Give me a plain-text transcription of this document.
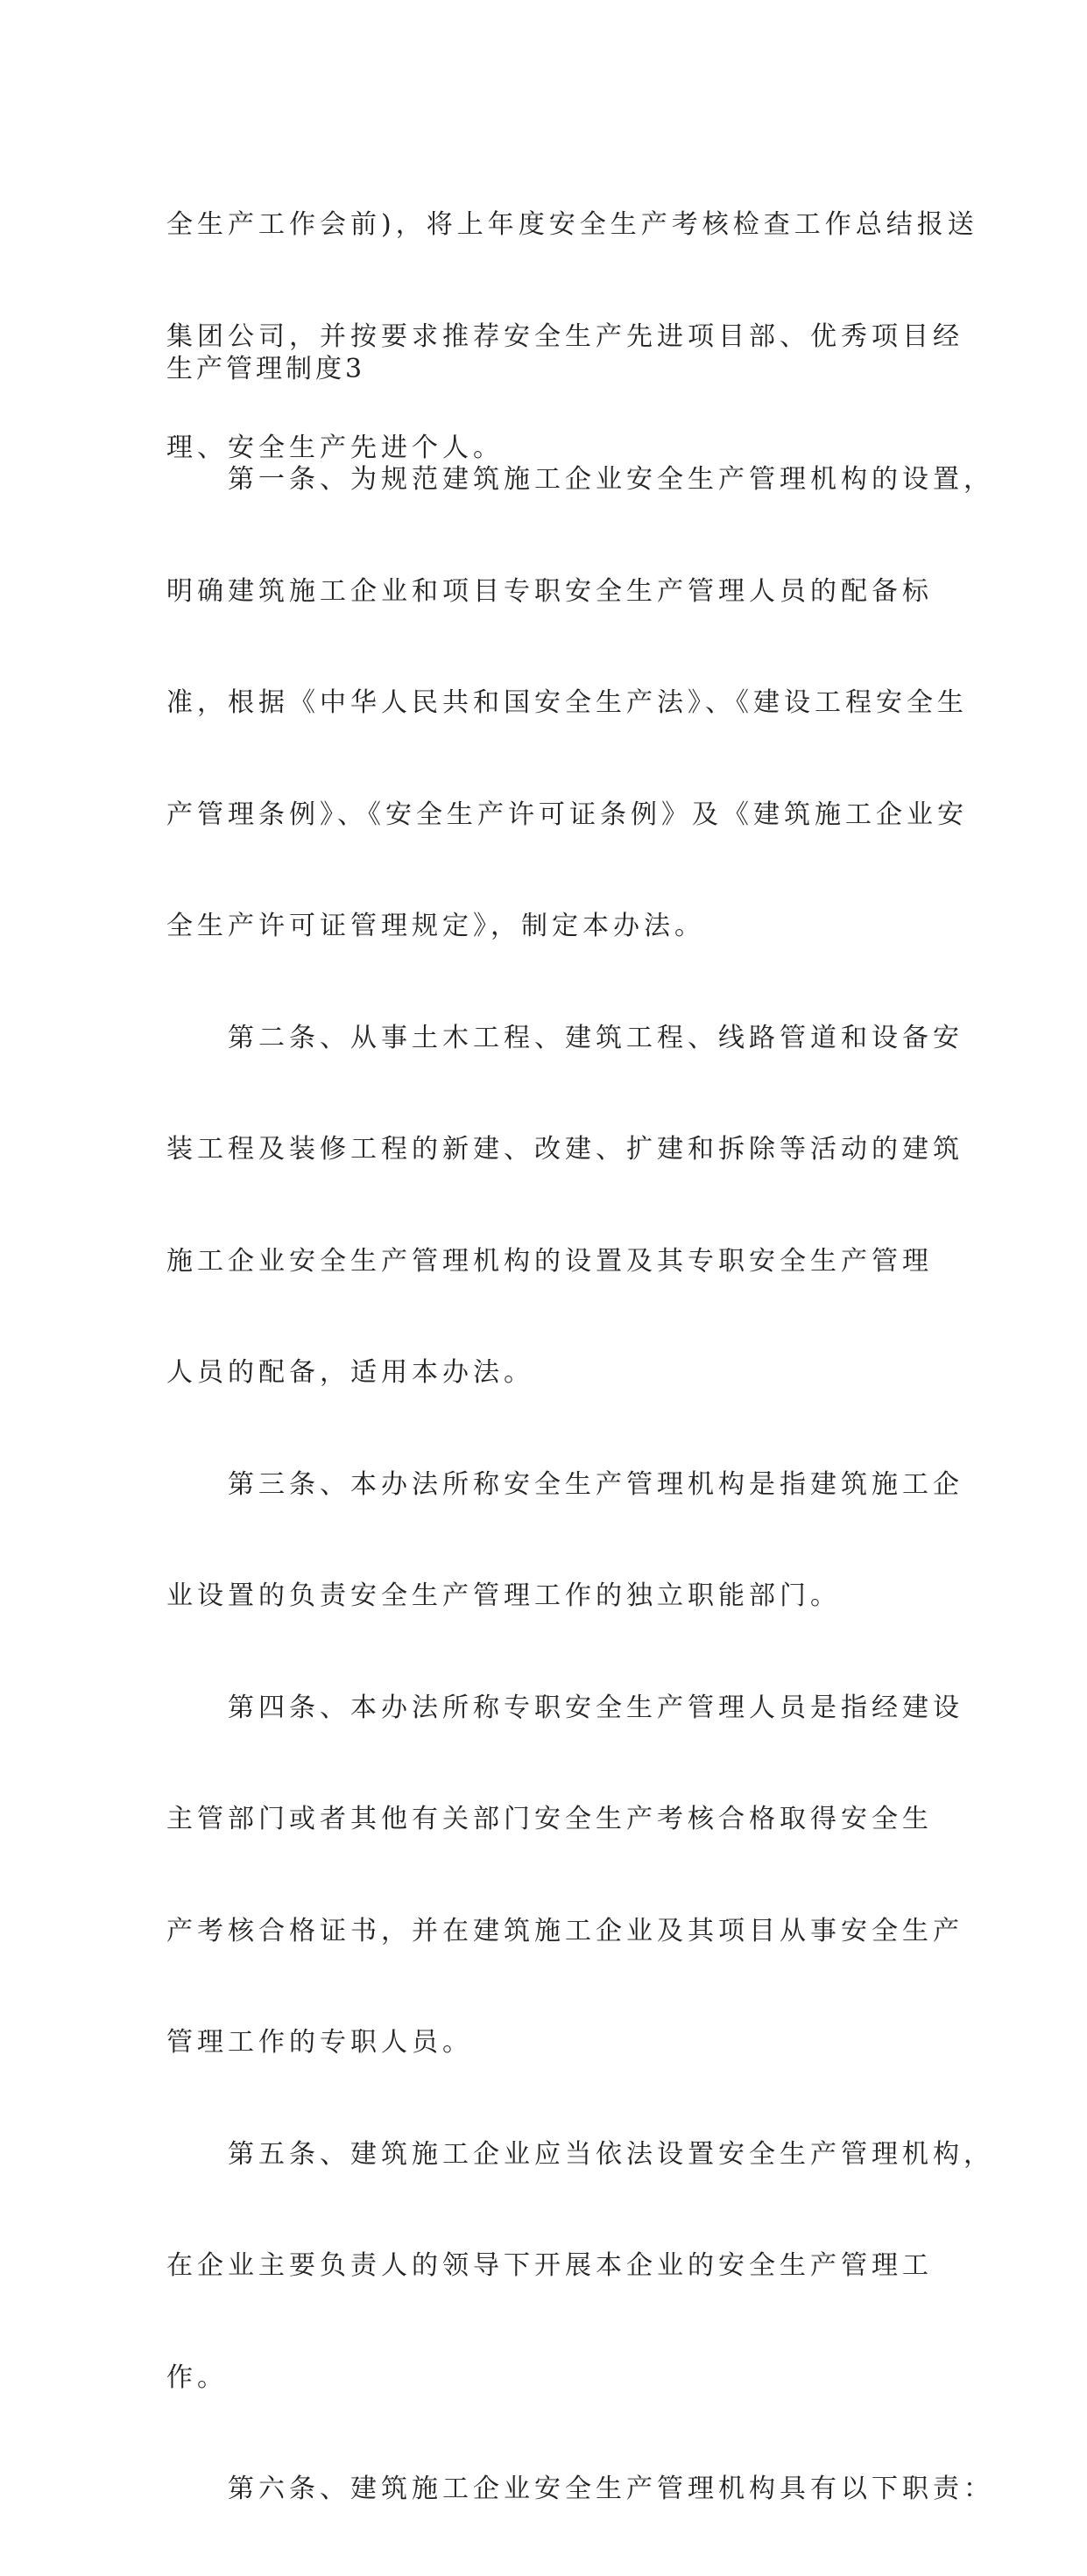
全生产工作会前)，将上年度安全生产考核检查工作总结报送

集团公司，并按要求推荐安全生产先进项目部、优秀项目经

理、安全生产先进个人。

生产管理制度3

　　第一条、为规范建筑施工企业安全生产管理机构的设置，

明确建筑施工企业和项目专职安全生产管理人员的配备标

准，根据《中华人民共和国安全生产法》、《建设工程安全生

产管理条例》、《安全生产许可证条例》及《建筑施工企业安

全生产许可证管理规定》，制定本办法。

　　第二条、从事土木工程、建筑工程、线路管道和设备安

装工程及装修工程的新建、改建、扩建和拆除等活动的建筑

施工企业安全生产管理机构的设置及其专职安全生产管理

人员的配备，适用本办法。

　　第三条、本办法所称安全生产管理机构是指建筑施工企

业设置的负责安全生产管理工作的独立职能部门。

　　第四条、本办法所称专职安全生产管理人员是指经建设

主管部门或者其他有关部门安全生产考核合格取得安全生

产考核合格证书，并在建筑施工企业及其项目从事安全生产

管理工作的专职人员。

　　第五条、建筑施工企业应当依法设置安全生产管理机构，

在企业主要负责人的领导下开展本企业的安全生产管理工

作。

　　第六条、建筑施工企业安全生产管理机构具有以下职责：
